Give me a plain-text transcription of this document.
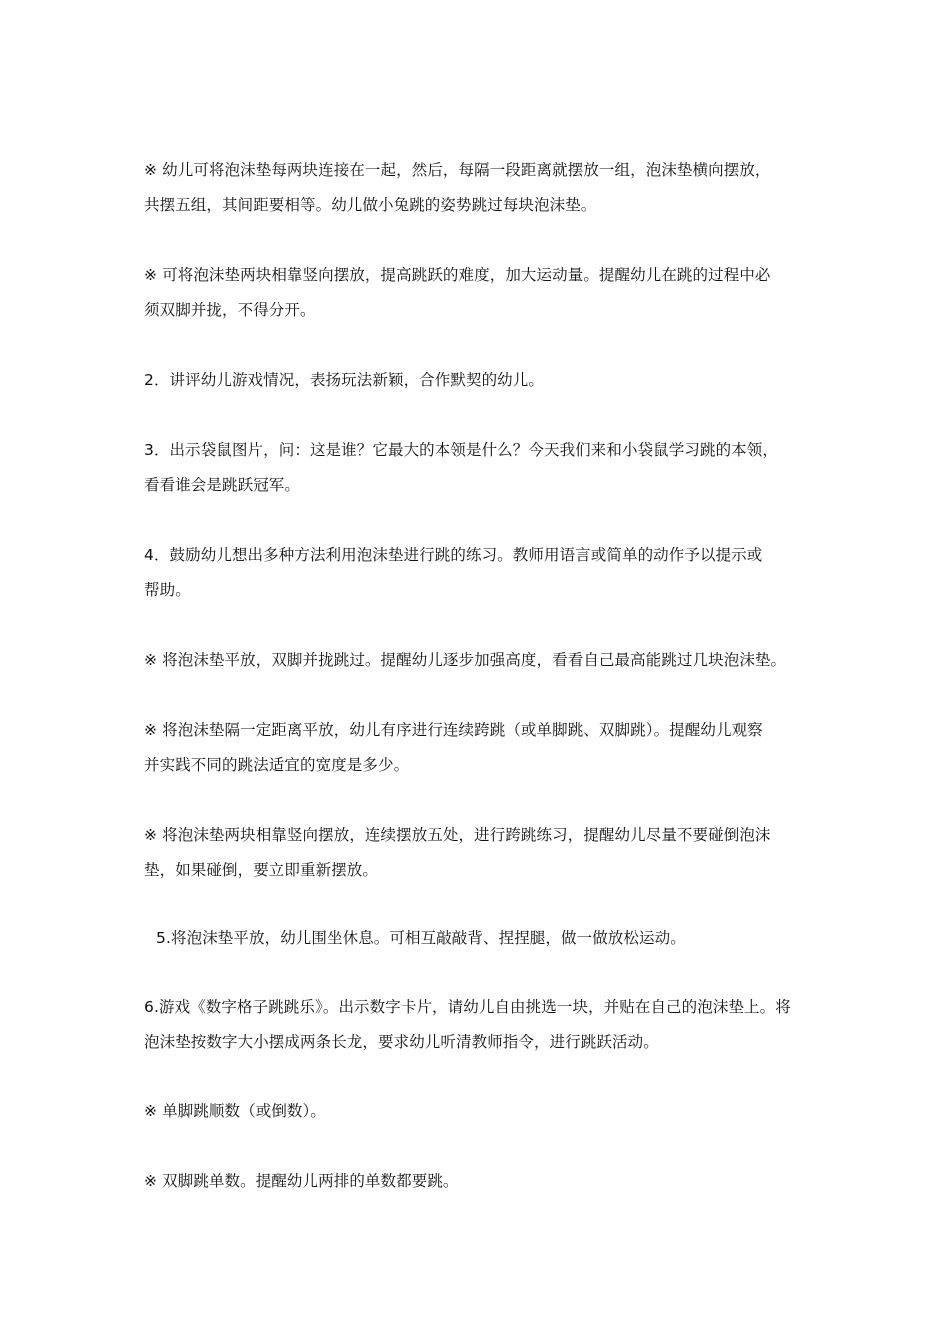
※ 幼儿可将泡沫垫每两块连接在一起，然后，每隔一段距离就摆放一组，泡沫垫横向摆放，
共摆五组，其间距要相等。幼儿做小兔跳的姿势跳过每块泡沫垫。
※ 可将泡沫垫两块相靠竖向摆放，提高跳跃的难度，加大运动量。提醒幼儿在跳的过程中必
须双脚并拢，不得分开。
2．讲评幼儿游戏情况，表扬玩法新颖，合作默契的幼儿。
3．出示袋鼠图片，问：这是谁？它最大的本领是什么？今天我们来和小袋鼠学习跳的本领，
看看谁会是跳跃冠军。
4．鼓励幼儿想出多种方法利用泡沫垫进行跳的练习。教师用语言或简单的动作予以提示或
帮助。
※ 将泡沫垫平放，双脚并拢跳过。提醒幼儿逐步加强高度，看看自己最高能跳过几块泡沫垫。
※ 将泡沫垫隔一定距离平放，幼儿有序进行连续跨跳（或单脚跳、双脚跳）。提醒幼儿观察
并实践不同的跳法适宜的宽度是多少。
※ 将泡沫垫两块相靠竖向摆放，连续摆放五处，进行跨跳练习，提醒幼儿尽量不要碰倒泡沫
垫，如果碰倒，要立即重新摆放。
5.将泡沫垫平放，幼儿围坐休息。可相互敲敲背、捏捏腿，做一做放松运动。
6.游戏《数字格子跳跳乐》。出示数字卡片，请幼儿自由挑选一块，并贴在自己的泡沫垫上。将
泡沫垫按数字大小摆成两条长龙，要求幼儿听清教师指令，进行跳跃活动。
※ 单脚跳顺数（或倒数）。
※ 双脚跳单数。提醒幼儿两排的单数都要跳。
